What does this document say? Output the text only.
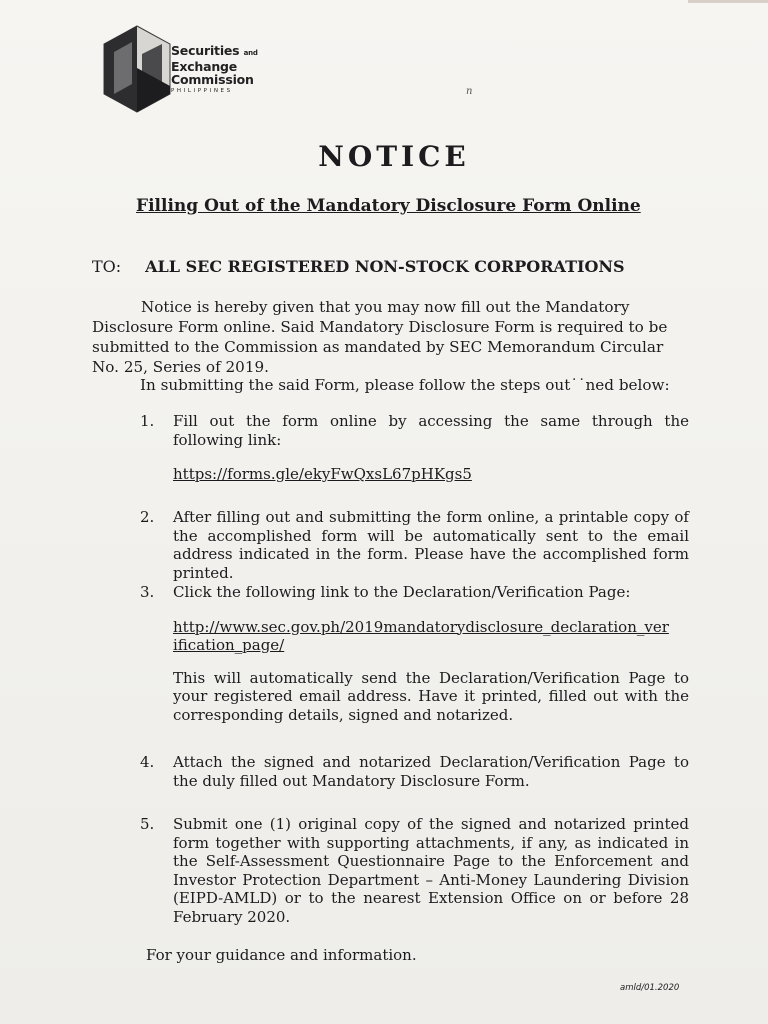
Securities and
Exchange
Commission
PHILIPPINES	n
NOTICE
Filling Out of the Mandatory Disclosure Form Online
TO: ALL SEC REGISTERED NON-STOCK CORPORATIONS
Notice is hereby given that you may now fill out the Mandatory Disclosure Form online. Said Mandatory Disclosure Form is required to be submitted to the Commission as mandated by SEC Memorandum Circular No. 25, Series of 2019.
In submitting the said Form, please follow the steps out˙˙ned below:
1. Fill out the form online by accessing the same through the following link:
https://forms.gle/ekyFwQxsL67pHKgs5
2. After filling out and submitting the form online, a printable copy of the accomplished form will be automatically sent to the email address indicated in the form. Please have the accomplished form printed.
3. Click the following link to the Declaration/Verification Page:
http://www.sec.gov.ph/2019mandatorydisclosure_declaration_verification_page/
This will automatically send the Declaration/Verification Page to your registered email address. Have it printed, filled out with the corresponding details, signed and notarized.
4. Attach the signed and notarized Declaration/Verification Page to the duly filled out Mandatory Disclosure Form.
5. Submit one (1) original copy of the signed and notarized printed form together with supporting attachments, if any, as indicated in the Self-Assessment Questionnaire Page to the Enforcement and Investor Protection Department – Anti-Money Laundering Division (EIPD-AMLD) or to the nearest Extension Office on or before 28 February 2020.
For your guidance and information.
amld/01.2020
